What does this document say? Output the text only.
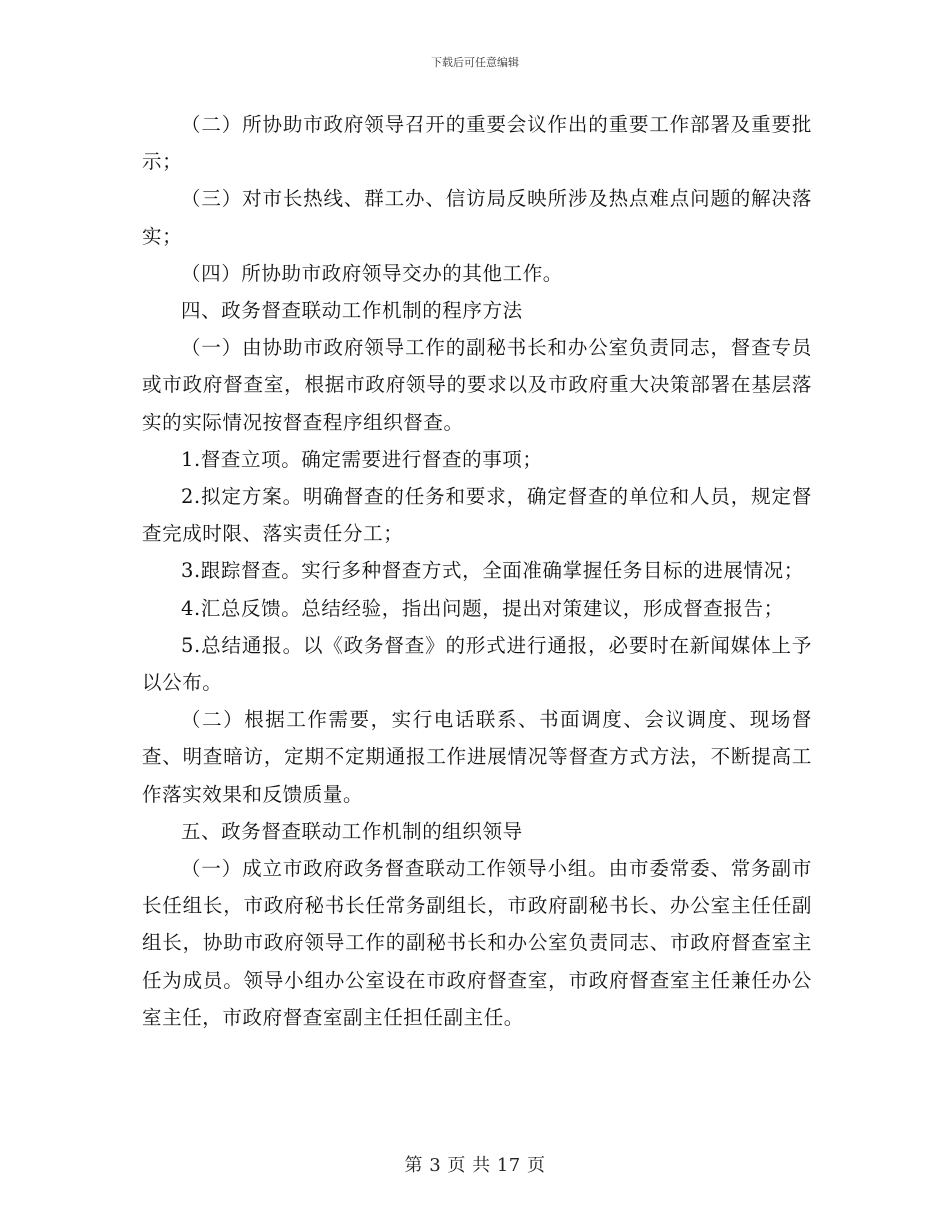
下载后可任意编辑

（二）所协助市政府领导召开的重要会议作出的重要工作部署及重要批示；

（三）对市长热线、群工办、信访局反映所涉及热点难点问题的解决落实；

（四）所协助市政府领导交办的其他工作。

四、政务督查联动工作机制的程序方法

（一）由协助市政府领导工作的副秘书长和办公室负责同志，督查专员或市政府督查室，根据市政府领导的要求以及市政府重大决策部署在基层落实的实际情况按督查程序组织督查。

1.督查立项。确定需要进行督查的事项；

2.拟定方案。明确督查的任务和要求，确定督查的单位和人员，规定督查完成时限、落实责任分工；

3.跟踪督查。实行多种督查方式，全面准确掌握任务目标的进展情况；

4.汇总反馈。总结经验，指出问题，提出对策建议，形成督查报告；

5.总结通报。以《政务督查》的形式进行通报，必要时在新闻媒体上予以公布。

（二）根据工作需要，实行电话联系、书面调度、会议调度、现场督查、明查暗访，定期不定期通报工作进展情况等督查方式方法，不断提高工作落实效果和反馈质量。

五、政务督查联动工作机制的组织领导

（一）成立市政府政务督查联动工作领导小组。由市委常委、常务副市长任组长，市政府秘书长任常务副组长，市政府副秘书长、办公室主任任副组长，协助市政府领导工作的副秘书长和办公室负责同志、市政府督查室主任为成员。领导小组办公室设在市政府督查室，市政府督查室主任兼任办公室主任，市政府督查室副主任担任副主任。

第 3 页 共 17 页
